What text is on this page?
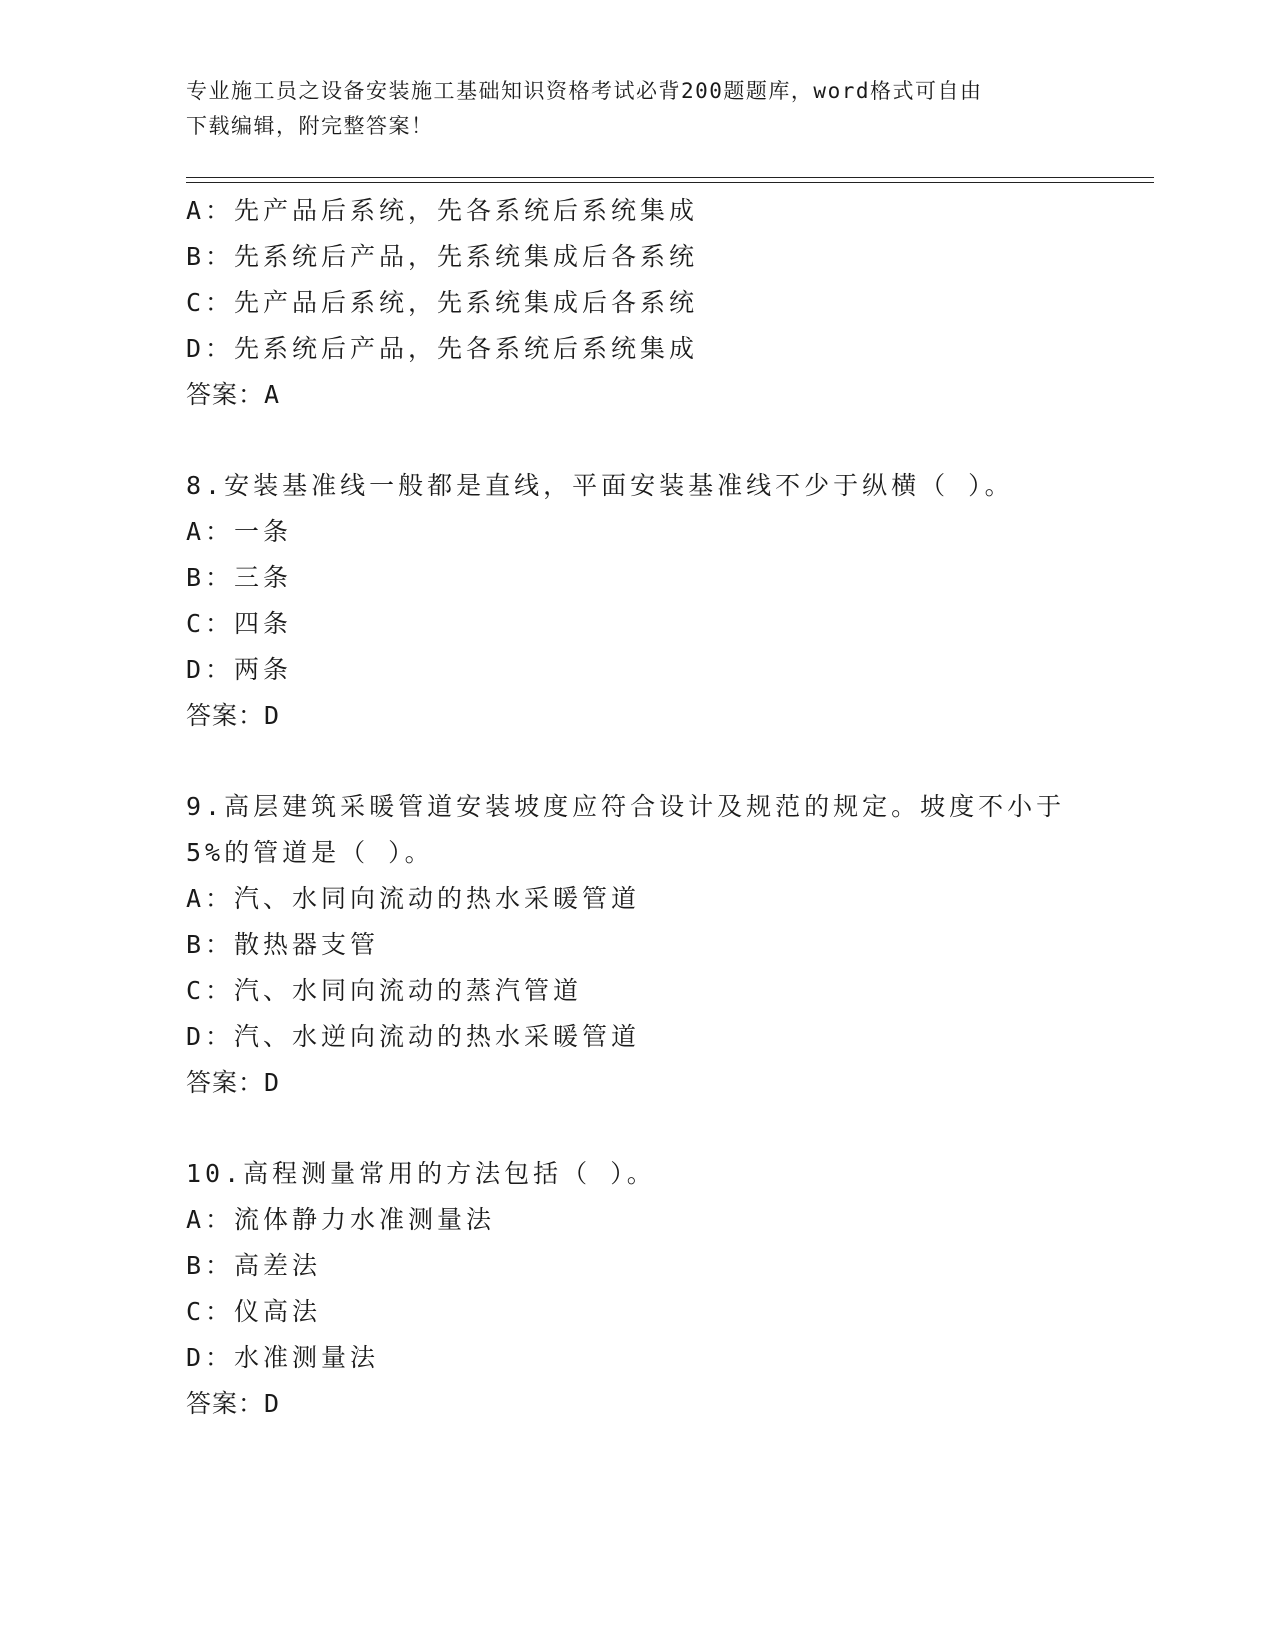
专业施工员之设备安装施工基础知识资格考试必背200题题库，word格式可自由
下载编辑，附完整答案！
A：先产品后系统，先各系统后系统集成
B：先系统后产品，先系统集成后各系统
C：先产品后系统，先系统集成后各系统
D：先系统后产品，先各系统后系统集成
答案：A
8.安装基准线一般都是直线，平面安装基准线不少于纵横（ ）。
A：一条
B：三条
C：四条
D：两条
答案：D
9.高层建筑采暖管道安装坡度应符合设计及规范的规定。坡度不小于
5%的管道是（ ）。
A：汽、水同向流动的热水采暖管道
B：散热器支管
C：汽、水同向流动的蒸汽管道
D：汽、水逆向流动的热水采暖管道
答案：D
10.高程测量常用的方法包括（ ）。
A：流体静力水准测量法
B：高差法
C：仪高法
D：水准测量法
答案：D
